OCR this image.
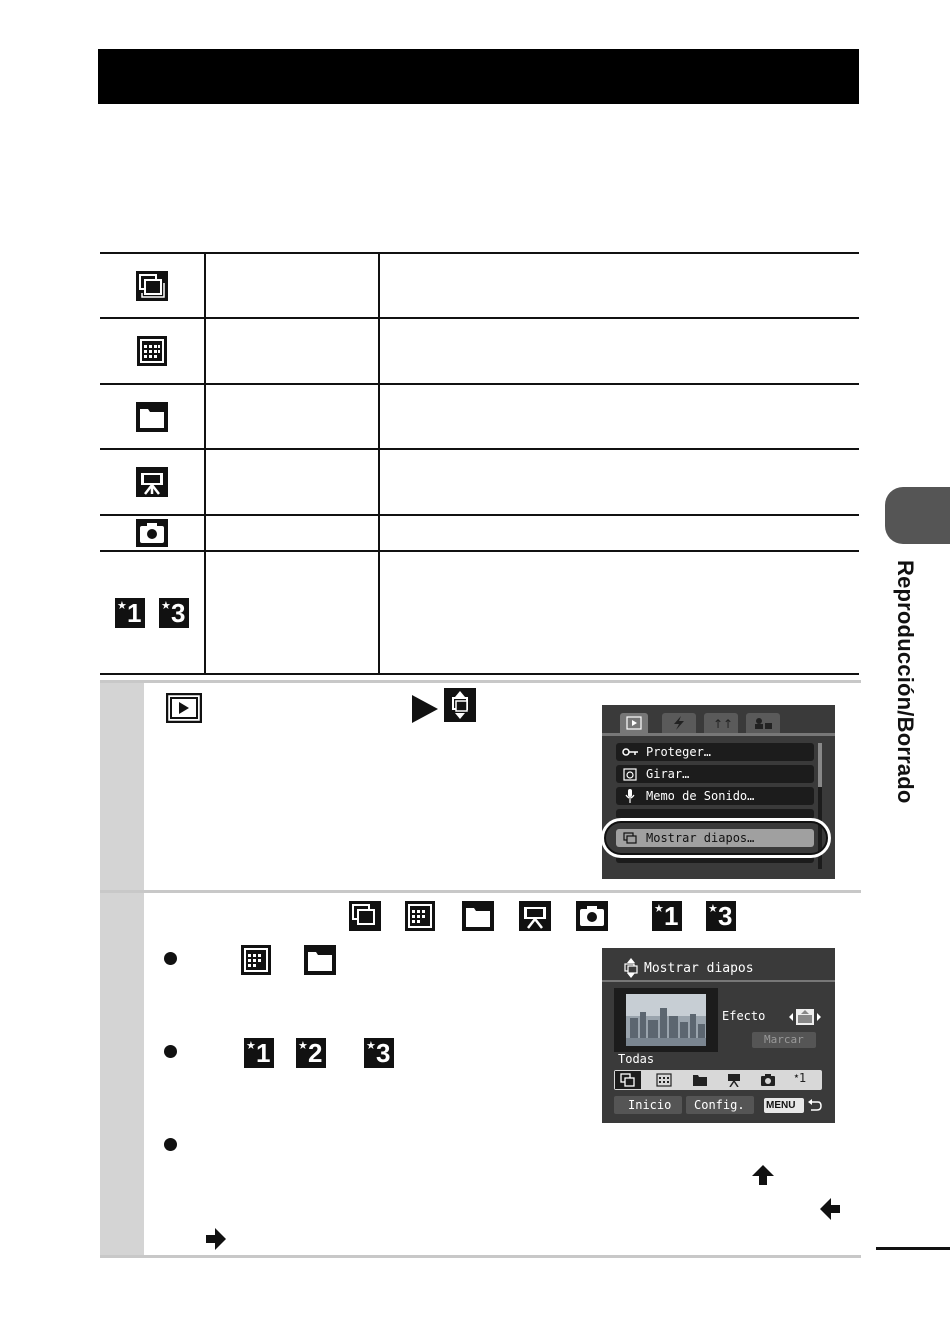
★ 1 ★ 3
↑↑
Proteger…
Girar…
Memo de Sonido…
Mostrar diapos…
★ 1	★ 3
★ 1	★ 2	★ 3
Mostrar diapos
Efecto
Marcar
Todas
★1
Inicio Config. MENU
Reproducción/Borrado
